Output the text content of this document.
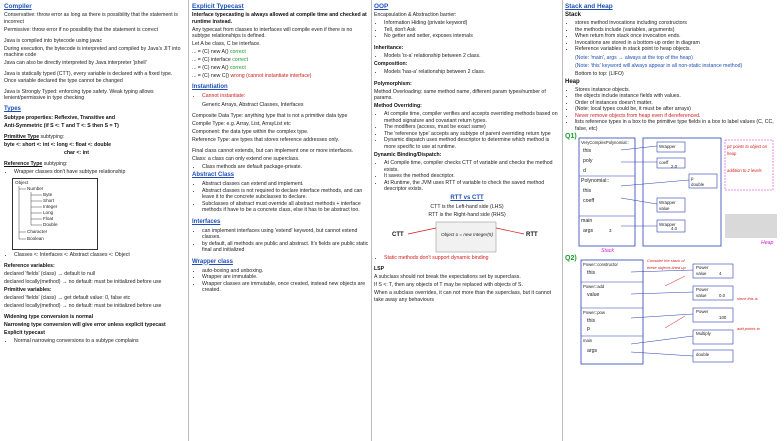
Compiler

Conservative: throw error as long as there is possibility that the statement is incorrect

Permissive: throw error if no possibility that the statement is correct

Java is compiled into bytecode using javac

During execution, the bytecode is interpreted and compiled by Java's JIT into machine code

Java can also be directly interpreted by Java interpreter 'jshell'

Java is statically typed (CTT), every variable is declared with a fixed type. Once variable declared the type cannot be changed

Java is Strongly Typed: enforcing type safety. Weak typing allows lenient/permissive in type checking

Types

Subtype properties: Reflexive, Transitive and

Anti-Symmetric (if S <: T and T <: S then S = T)

Primitive Type subtyping:

byte <: short <: int <: long <: float <: double

char <: int

Reference Type subtyping:

• Wrapper classes don't have subtype relationship
Object
Number
Byte
Short
Integer
Long
Float
Double
Character
Boolean
• Classes <: Interfaces <: Abstract classes <: Object

Reference variables:

declared 'fields' (class) → default to null

declared locally(method) → no default: must be initialized before use

Primitive variables:

declared 'fields' (class) → get default value: 0, false etc

declared locally(method) → no default: must be initialized before use

Widening type conversion is normal

Narrowing type conversion will give error unless explicit typecast

Explicit typecast

• Normal narrowing conversions to a subtype complains

Explicit Typecast

Interface typecasting is always allowed at compile time and checked at runtime instead.

Any typecast from classes to interfaces will compile even if there is no subtype relationships is defined.

Let A be class, C be interface.

... = (C) new A() correct

... = (C) interface correct

... = (C) new A() correct

... = (C) new C() wrong (cannot instantiate interface)

Instantiation

• Cannot instantiate:

Generic Arrays, Abstract Classes, Interfaces

Composite Data Type: anything type that is not a primitive data type

Compile Type: e.g. Array, List, ArrayList etc

Component: the data type within the complex type.

Reference Type: are types that stores reference addresses only.

Final class cannot extends, but can implement one or more interfaces.

Class: a class can only extend one superclass.

• Class methods are default package-private.

Abstract Class

• Abstract classes can extend and implement.
• Abstract classes is not required to declare interface methods, and can leave it to the concrete subclasses to declare.
• Subclasses of abstract must override all abstract methods + interface methods if have to be a concrete class, else it has to be abstract too.

Interfaces

• can implement interfaces using 'extend' keyword, but cannot extend classes.
• by default, all methods are public and abstract. It's fields are public static final and initialized

Wrapper class

• auto-boxing and unboxing.
• Wrapper are immutable.
• Wrapper classes are immutable, once created, instead new objects are created.

OOP

Encapsulation & Abstraction barrier:

• Information Hiding (private keyword)
• Tell, don't Ask
• No getter and setter, exposes internals

Inheritance:

• Models 'is-a' relationship between 2 class.

Composition:

• Models 'has-a' relationship between 2 class.

Polymorphism:

Method Overloading: same method name, different param types/number of params.

Method Overriding:

• At compile time, compiler verifies and accepts overriding methods based on method signature and covariant return types.
• The modifiers (access, must be exact same)
• The 'reference type' accepts any subtype of parent overriding return type
• Dynamic dispatch uses method descriptor to determine which method is more specific to use at runtime.

Dynamic Binding/Dispatch:

• At Compile time, compiler checks CTT of variable and checks the method exists.
• It saves the method descriptor.
• At Runtime, the JVM uses RTT of variable to check the saved method descriptor exists.

RTT vs CTT

CTT is the Left-hand side (LHS)

RTT is the Right-hand side (RHS)

CTT	RTT
Object o = new Integer(5)
• Static methods don't support dynamic binding

LSP

A subclass should not break the expectations set by superclass.

If S <: T, then any objects of T may be replaced with objects of S.

When a subclass overrides, it can not more than the superclass, but it cannot take away any behaviours

Stack and Heap

Stack

• stores method invocations including constructors
• the methods include (variables, arguments)
• When return from stack once invocation ends.
• Invocations are stored in a bottom-up order in diagram
• Reference variables in stack point to heap objects.

(Note: 'main', args → always at the top of the heap)

(Note: 'this' keyword will always appear in all non-static instance method)

Bottom to top: (LIFO)

Heap

• Stores instance objects.
• the objects include instance fields with values.
• Order of instances doesn't matter.
• (Note: local types could be, it must be after arrays)
• Never remove objects from heap even if dereferenced.
• lists reference types in a box to the primitive type fields in a box to label values (C, CC, false, etc)
Q1)
VeryComplexPolynomial::
this
poly
d
Polynomial::
this
coeff
main
args
Wrapper
coeff
p
Wrapper
value
Wrapper
double
4.0
2.0
3
ptr points to object on heap
addition to 2 levels
Stack
Heap
Q2)
Power::constructor
Power::add
Power::pow
main
this
value
this
p
args
Power
value
Power
value
Power
Multiply
double
4
0.0
100
Consider the stack of these objects lined up
since this is
add points to
